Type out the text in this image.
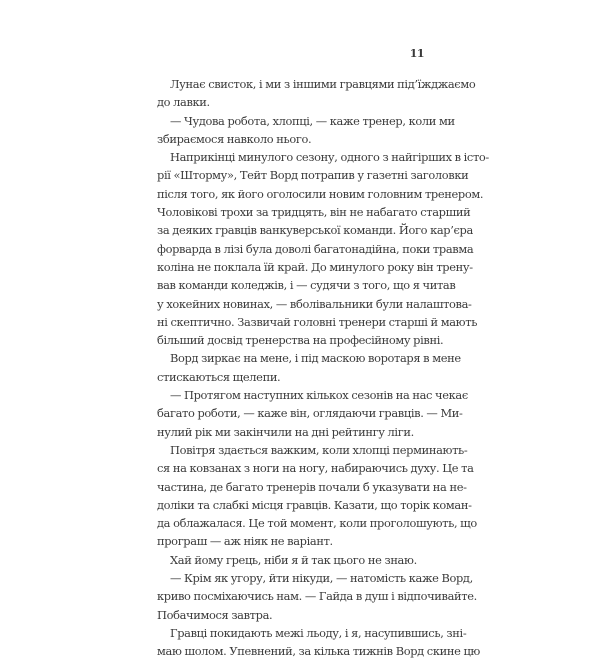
11
Лунає свисток, і ми з іншими гравцями під’їжджаємо
до лавки.
— Чудова робота, хлопці, — каже тренер, коли ми
збираємося навколо нього.
Наприкінці минулого сезону, одного з найгірших в істо-
рії «Шторму», Тейт Ворд потрапив у газетні заголовки
після того, як його оголосили новим головним тренером.
Чоловікові трохи за тридцять, він не набагато старший
за деяких гравців ванкуверської команди. Його кар’єра
форварда в лізі була доволі багатонадійна, поки травма
коліна не поклала їй край. До минулого року він трену-
вав команди коледжів, і — судячи з того, що я читав
у хокейних новинах, — вболівальники були налаштова-
ні скептично. Зазвичай головні тренери старші й мають
більший досвід тренерства на професійному рівні.
Ворд зиркає на мене, і під маскою воротаря в мене
стискаються щелепи.
— Протягом наступних кількох сезонів на нас чекає
багато роботи, — каже він, оглядаючи гравців. — Ми-
нулий рік ми закінчили на дні рейтингу ліги.
Повітря здається важким, коли хлопці перминають-
ся на ковзанах з ноги на ногу, набираючись духу. Це та
частина, де багато тренерів почали б указувати на не-
доліки та слабкі місця гравців. Казати, що торік коман-
да облажалася. Це той момент, коли проголошують, що
програш — аж ніяк не варіант.
Хай йому грець, ніби я й так цього не знаю.
— Крім як угору, йти нікуди, — натомість каже Ворд,
криво посміхаючись нам. — Гайда в душ і відпочивайте.
Побачимося завтра.
Гравці покидають межі льоду, і я, насупившись, зні-
маю шолом. Упевнений, за кілька тижнів Ворд скине цю
